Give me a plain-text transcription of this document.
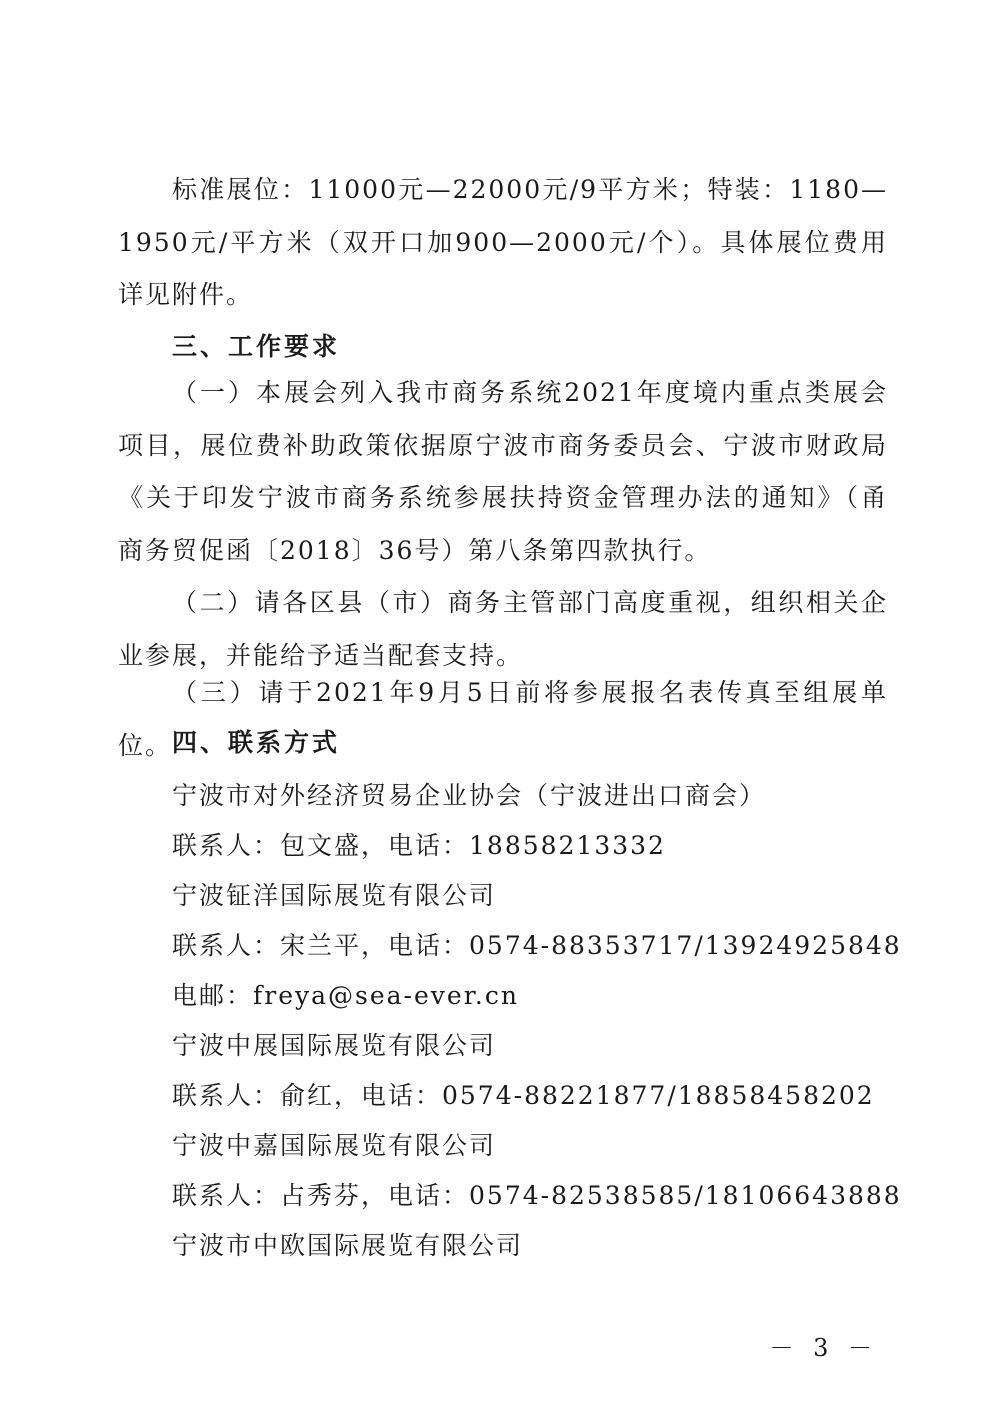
标准展位：11000元—22000元/9平方米；特装：1180—1950元/平方米（双开口加900—2000元/个）。具体展位费用详见附件。

三、工作要求

（一）本展会列入我市商务系统2021年度境内重点类展会项目，展位费补助政策依据原宁波市商务委员会、宁波市财政局《关于印发宁波市商务系统参展扶持资金管理办法的通知》（甬商务贸促函〔2018〕36号）第八条第四款执行。

（二）请各区县（市）商务主管部门高度重视，组织相关企业参展，并能给予适当配套支持。

（三）请于2021年9月5日前将参展报名表传真至组展单位。 四、联系方式

宁波市对外经济贸易企业协会（宁波进出口商会）

联系人：包文盛，电话：18858213332

宁波钲洋国际展览有限公司

联系人：宋兰平，电话：0574-88353717/13924925848

电邮：freya@sea-ever.cn

宁波中展国际展览有限公司

联系人：俞红，电话：0574-88221877/18858458202

宁波中嘉国际展览有限公司

联系人：占秀芬，电话：0574-82538585/18106643888

宁波市中欧国际展览有限公司

－ 3 －
